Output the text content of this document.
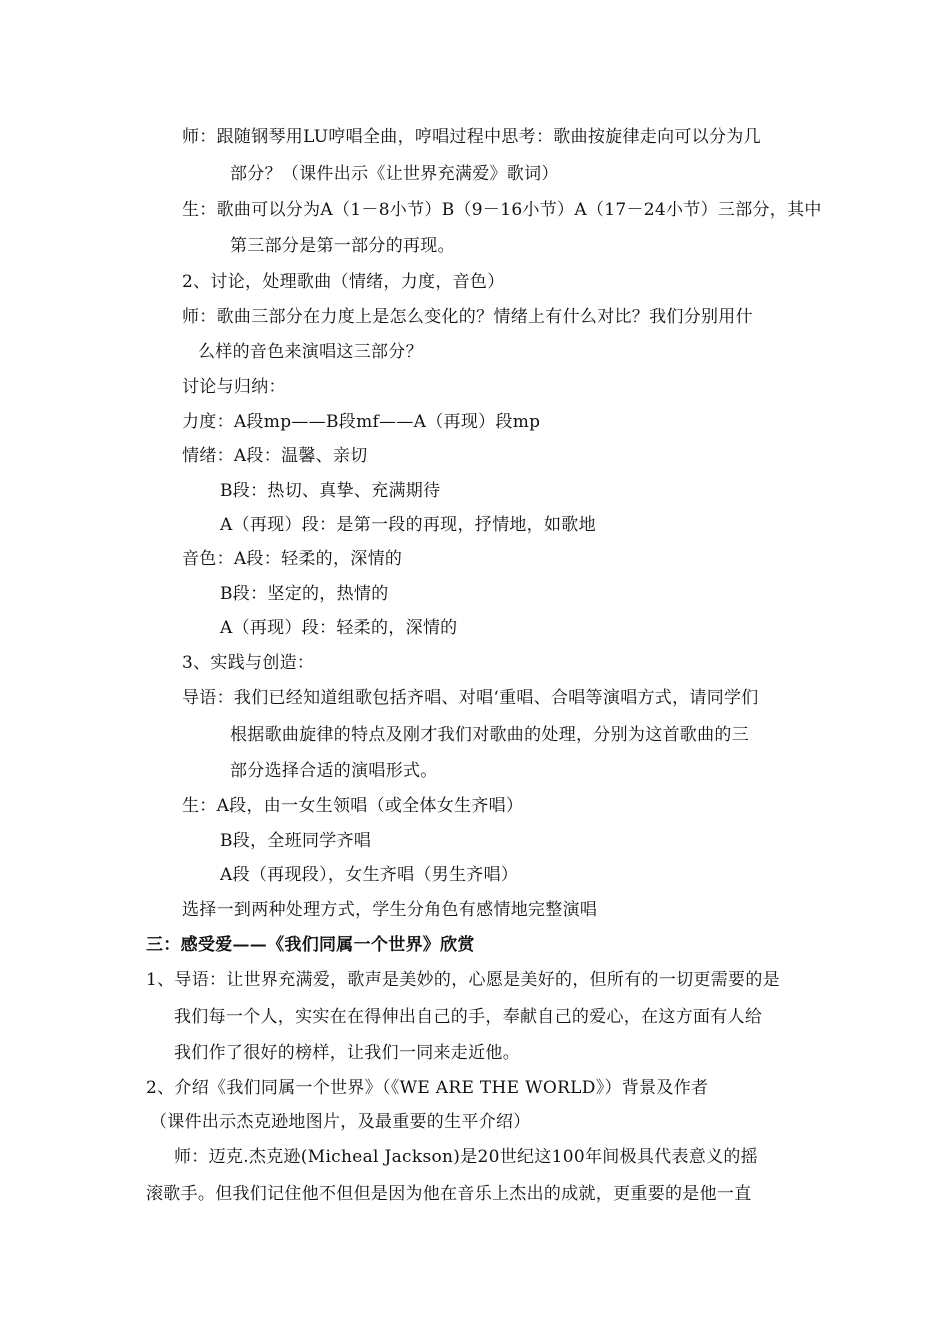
师：跟随钢琴用LU哼唱全曲，哼唱过程中思考：歌曲按旋律走向可以分为几
部分？（课件出示《让世界充满爱》歌词）
生：歌曲可以分为A（1－8小节）B（9－16小节）A（17－24小节）三部分，其中
第三部分是第一部分的再现。
2、讨论，处理歌曲（情绪，力度，音色）
师：歌曲三部分在力度上是怎么变化的？情绪上有什么对比？我们分别用什
么样的音色来演唱这三部分？
讨论与归纳：
力度：A段mp——B段mf——A（再现）段mp
情绪：A段：温馨、亲切
B段：热切、真挚、充满期待
A（再现）段：是第一段的再现，抒情地，如歌地
音色：A段：轻柔的，深情的
B段：坚定的，热情的
A（再现）段：轻柔的，深情的
3、实践与创造：
导语：我们已经知道组歌包括齐唱、对唱‘重唱、合唱等演唱方式，请同学们
根据歌曲旋律的特点及刚才我们对歌曲的处理，分别为这首歌曲的三
部分选择合适的演唱形式。
生：A段，由一女生领唱（或全体女生齐唱）
B段，全班同学齐唱
A段（再现段），女生齐唱（男生齐唱）
选择一到两种处理方式，学生分角色有感情地完整演唱
三：感受爱——《我们同属一个世界》欣赏
1、导语：让世界充满爱，歌声是美妙的，心愿是美好的，但所有的一切更需要的是
我们每一个人，实实在在得伸出自己的手，奉献自己的爱心，在这方面有人给
我们作了很好的榜样，让我们一同来走近他。
2、介绍《我们同属一个世界》（《WE ARE THE WORLD》）背景及作者
（课件出示杰克逊地图片，及最重要的生平介绍）
师：迈克.杰克逊(Micheal Jackson)是20世纪这100年间极具代表意义的摇
滚歌手。但我们记住他不但但是因为他在音乐上杰出的成就，更重要的是他一直
